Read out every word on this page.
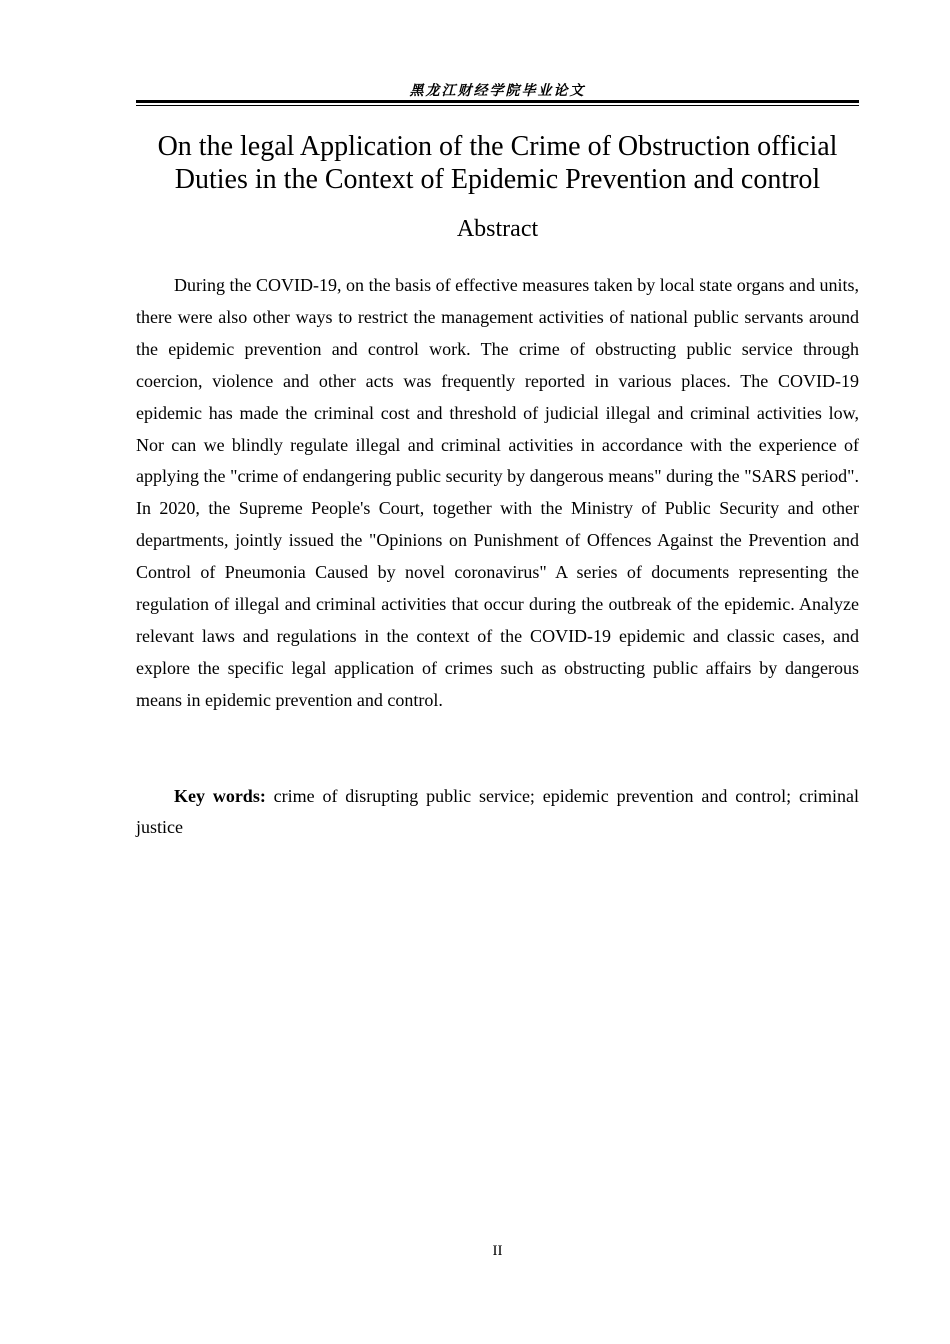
黑龙江财经学院毕业论文
On the legal Application of the Crime of Obstruction official Duties in the Context of Epidemic Prevention and control
Abstract

During the COVID-19, on the basis of effective measures taken by local state organs and units, there were also other ways to restrict the management activities of national public servants around the epidemic prevention and control work. The crime of obstructing public service through coercion, violence and other acts was frequently reported in various places. The COVID-19 epidemic has made the criminal cost and threshold of judicial illegal and criminal activities low, Nor can we blindly regulate illegal and criminal activities in accordance with the experience of applying the "crime of endangering public security by dangerous means" during the "SARS period". In 2020, the Supreme People's Court, together with the Ministry of Public Security and other departments, jointly issued the "Opinions on Punishment of Offences Against the Prevention and Control of Pneumonia Caused by novel coronavirus" A series of documents representing the regulation of illegal and criminal activities that occur during the outbreak of the epidemic. Analyze relevant laws and regulations in the context of the COVID-19 epidemic and classic cases, and explore the specific legal application of crimes such as obstructing public affairs by dangerous means in epidemic prevention and control.

Key words: crime of disrupting public service; epidemic prevention and control; criminal justice

II
